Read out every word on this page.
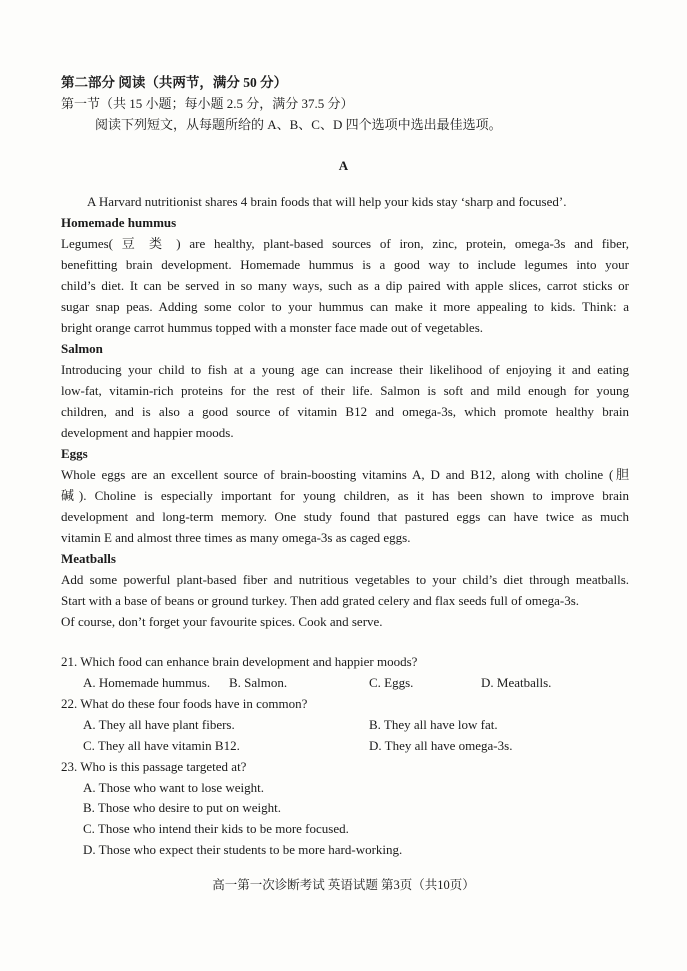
第二部分 阅读（共两节，满分 50 分）
第一节（共 15 小题；每小题 2.5 分，满分 37.5 分）
阅读下列短文，从每题所给的 A、B、C、D 四个选项中选出最佳选项。
A
A Harvard nutritionist shares 4 brain foods that will help your kids stay ‘sharp and focused’.
Homemade hummus
Legumes( 豆 类 ) are healthy, plant-based sources of iron, zinc, protein, omega-3s and fiber,
benefitting brain development. Homemade hummus is a good way to include legumes into your
child’s diet. It can be served in so many ways, such as a dip paired with apple slices, carrot sticks or
sugar snap peas. Adding some color to your hummus can make it more appealing to kids. Think: a
bright orange carrot hummus topped with a monster face made out of vegetables.
Salmon
Introducing your child to fish at a young age can increase their likelihood of enjoying it and eating
low-fat, vitamin-rich proteins for the rest of their life. Salmon is soft and mild enough for young
children, and is also a good source of vitamin B12 and omega-3s, which promote healthy brain
development and happier moods.
Eggs
Whole eggs are an excellent source of brain-boosting vitamins A, D and B12, along with choline (胆
碱). Choline is especially important for young children, as it has been shown to improve brain
development and long-term memory. One study found that pastured eggs can have twice as much
vitamin E and almost three times as many omega-3s as caged eggs.
Meatballs
Add some powerful plant-based fiber and nutritious vegetables to your child’s diet through meatballs.
Start with a base of beans or ground turkey. Then add grated celery and flax seeds full of omega-3s.
Of course, don’t forget your favourite spices. Cook and serve.
21. Which food can enhance brain development and happier moods?
A. Homemade hummus. B. Salmon.	C. Eggs.	D. Meatballs.
22. What do these four foods have in common?
A. They all have plant fibers.	B. They all have low fat.
C. They all have vitamin B12.	D. They all have omega-3s.
23. Who is this passage targeted at?
A. Those who want to lose weight.
B. Those who desire to put on weight.
C. Those who intend their kids to be more focused.
D. Those who expect their students to be more hard-working.
高一第一次诊断考试 英语试题 第3页（共10页）
